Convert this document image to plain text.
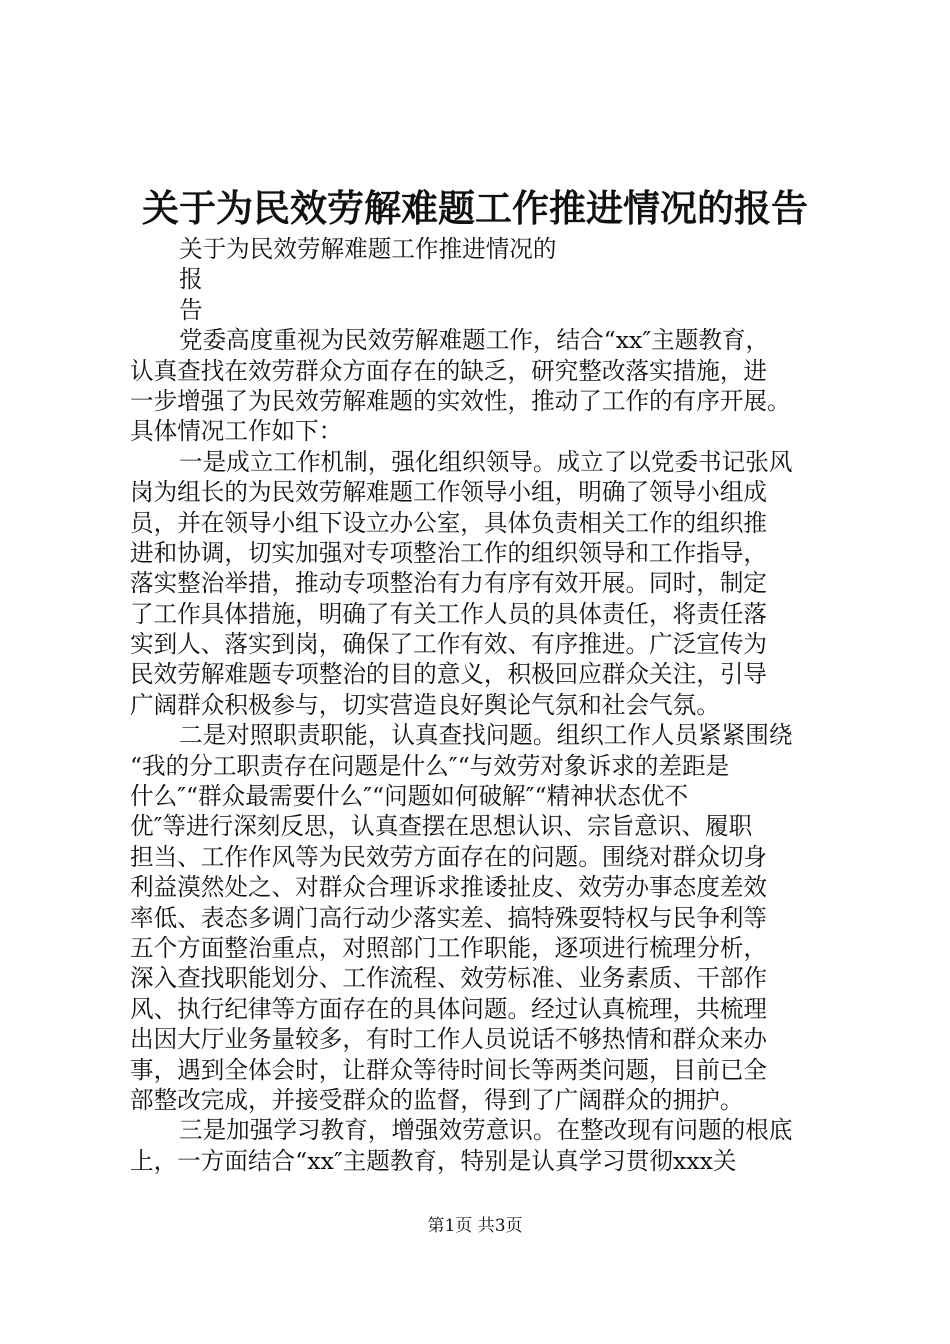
关于为民效劳解难题工作推进情况的报告
关于为民效劳解难题工作推进情况的
报
告
党委高度重视为民效劳解难题工作，结合“xx″主题教育，
认真查找在效劳群众方面存在的缺乏，研究整改落实措施，进
一步增强了为民效劳解难题的实效性，推动了工作的有序开展。
具体情况工作如下：
一是成立工作机制，强化组织领导。成立了以党委书记张风
岗为组长的为民效劳解难题工作领导小组，明确了领导小组成
员，并在领导小组下设立办公室，具体负责相关工作的组织推
进和协调，切实加强对专项整治工作的组织领导和工作指导，
落实整治举措，推动专项整治有力有序有效开展。同时，制定
了工作具体措施，明确了有关工作人员的具体责任，将责任落
实到人、落实到岗，确保了工作有效、有序推进。广泛宣传为
民效劳解难题专项整治的目的意义，积极回应群众关注，引导
广阔群众积极参与，切实营造良好舆论气氛和社会气氛。
二是对照职责职能，认真查找问题。组织工作人员紧紧围绕
“我的分工职责存在问题是什么″“与效劳对象诉求的差距是
什么″“群众最需要什么″“问题如何破解″“精神状态优不
优″等进行深刻反思，认真查摆在思想认识、宗旨意识、履职
担当、工作作风等为民效劳方面存在的问题。围绕对群众切身
利益漠然处之、对群众合理诉求推诿扯皮、效劳办事态度差效
率低、表态多调门高行动少落实差、搞特殊耍特权与民争利等
五个方面整治重点，对照部门工作职能，逐项进行梳理分析，
深入查找职能划分、工作流程、效劳标准、业务素质、干部作
风、执行纪律等方面存在的具体问题。经过认真梳理，共梳理
出因大厅业务量较多，有时工作人员说话不够热情和群众来办
事，遇到全体会时，让群众等待时间长等两类问题，目前已全
部整改完成，并接受群众的监督，得到了广阔群众的拥护。
三是加强学习教育，增强效劳意识。在整改现有问题的根底
上，一方面结合“xx″主题教育，特别是认真学习贯彻xxx关
第1页 共3页
